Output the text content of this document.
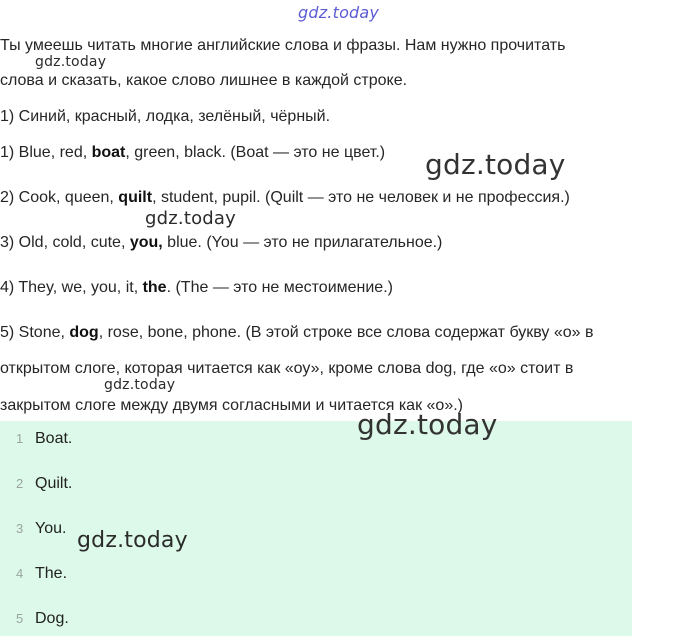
gdz.today
Ты умеешь читать многие английские слова и фразы. Нам нужно прочитать
gdz.today
слова и сказать, какое слово лишнее в каждой строке.
1) Синий, красный, лодка, зелёный, чёрный.
1) Blue, red, boat, green, black. (Boat — это не цвет.) gdz.today
2) Cook, queen, quilt, student, pupil. (Quilt — это не человек и не профессия.)
gdz.today
3) Old, cold, cute, you, blue. (You — это не прилагательное.)
4) They, we, you, it, the. (The — это не местоимение.)
5) Stone, dog, rose, bone, phone. (В этой строке все слова содержат букву «о» в
открытом слоге, которая читается как «оу», кроме слова dog, где «о» стоит в
gdz.today
закрытом слоге между двумя согласными и читается как «о».)
1 Boat.
2 Quilt.
3 You.
4 The.
5 Dog.
gdz.today
gdz.today
